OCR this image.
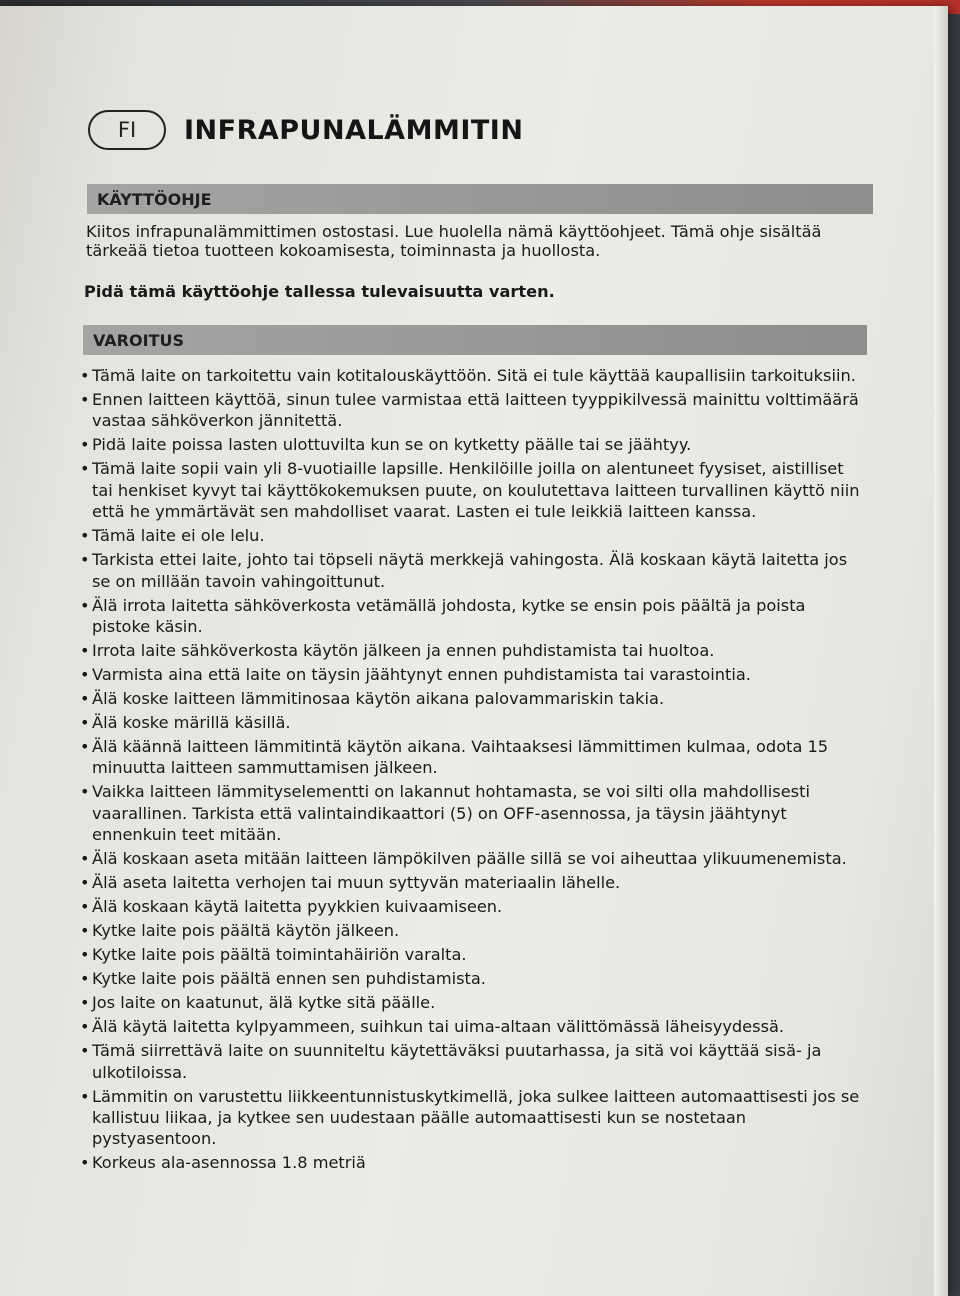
FI	INFRAPUNALÄMMITIN
KÄYTTÖOHJE
Kiitos infrapunalämmittimen ostostasi. Lue huolella nämä käyttöohjeet. Tämä ohje sisältää tärkeää tietoa tuotteen kokoamisesta, toiminnasta ja huollosta.
Pidä tämä käyttöohje tallessa tulevaisuutta varten.
VAROITUS
• Tämä laite on tarkoitettu vain kotitalouskäyttöön. Sitä ei tule käyttää kaupallisiin tarkoituksiin.
• Ennen laitteen käyttöä, sinun tulee varmistaa että laitteen tyyppikilvessä mainittu volttimäärä vastaa sähköverkon jännitettä.
• Pidä laite poissa lasten ulottuvilta kun se on kytketty päälle tai se jäähtyy.
• Tämä laite sopii vain yli 8-vuotiaille lapsille. Henkilöille joilla on alentuneet fyysiset, aistilliset tai henkiset kyvyt tai käyttökokemuksen puute, on koulutettava laitteen turvallinen käyttö niin että he ymmärtävät sen mahdolliset vaarat. Lasten ei tule leikkiä laitteen kanssa.
• Tämä laite ei ole lelu.
• Tarkista ettei laite, johto tai töpseli näytä merkkejä vahingosta. Älä koskaan käytä laitetta jos se on millään tavoin vahingoittunut.
• Älä irrota laitetta sähköverkosta vetämällä johdosta, kytke se ensin pois päältä ja poista pistoke käsin.
• Irrota laite sähköverkosta käytön jälkeen ja ennen puhdistamista tai huoltoa.
• Varmista aina että laite on täysin jäähtynyt ennen puhdistamista tai varastointia.
• Älä koske laitteen lämmitinosaa käytön aikana palovammariskin takia.
• Älä koske märillä käsillä.
• Älä käännä laitteen lämmitintä käytön aikana. Vaihtaaksesi lämmittimen kulmaa, odota 15 minuutta laitteen sammuttamisen jälkeen.
• Vaikka laitteen lämmityselementti on lakannut hohtamasta, se voi silti olla mahdollisesti vaarallinen. Tarkista että valintaindikaattori (5) on OFF-asennossa, ja täysin jäähtynyt ennenkuin teet mitään.
• Älä koskaan aseta mitään laitteen lämpökilven päälle sillä se voi aiheuttaa ylikuumenemista.
• Älä aseta laitetta verhojen tai muun syttyvän materiaalin lähelle.
• Älä koskaan käytä laitetta pyykkien kuivaamiseen.
• Kytke laite pois päältä käytön jälkeen.
• Kytke laite pois päältä toimintahäiriön varalta.
• Kytke laite pois päältä ennen sen puhdistamista.
• Jos laite on kaatunut, älä kytke sitä päälle.
• Älä käytä laitetta kylpyammeen, suihkun tai uima-altaan välittömässä läheisyydessä.
• Tämä siirrettävä laite on suunniteltu käytettäväksi puutarhassa, ja sitä voi käyttää sisä- ja ulkotiloissa.
• Lämmitin on varustettu liikkeentunnistuskytkimellä, joka sulkee laitteen automaattisesti jos se kallistuu liikaa, ja kytkee sen uudestaan päälle automaattisesti kun se nostetaan pystyasentoon.
• Korkeus ala-asennossa 1.8 metriä
